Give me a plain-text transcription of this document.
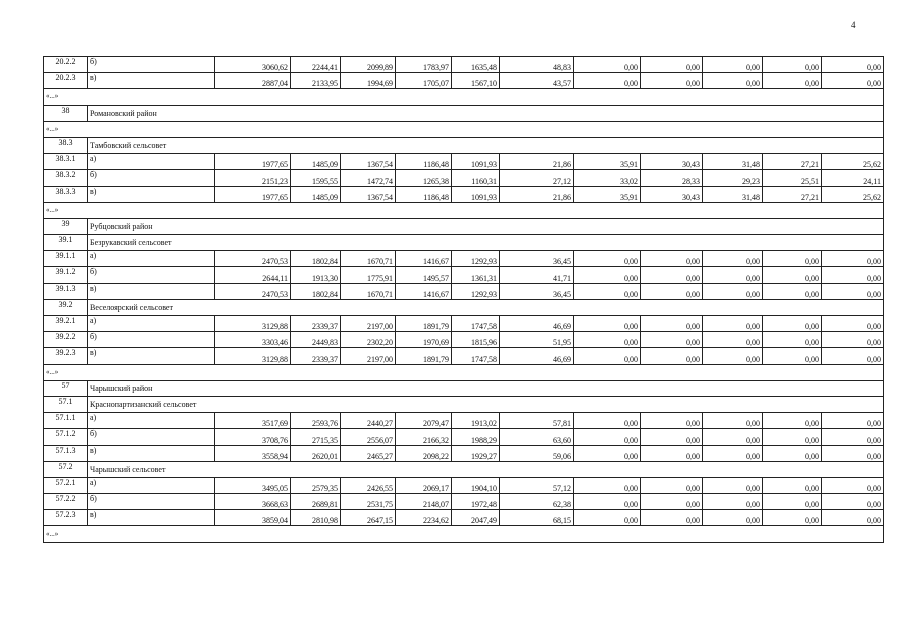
4
20.2.2	б)	3060,62	2244,41	2099,89	1783,97	1635,48	48,83	0,00	0,00	0,00	0,00	0,00
20.2.3	в)	2887,04	2133,95	1994,69	1705,07	1567,10	43,57	0,00	0,00	0,00	0,00	0,00
«...»												
38	Романовский район											
«...»												
38.3	Тамбовский сельсовет											
38.3.1	а)	1977,65	1485,09	1367,54	1186,48	1091,93	21,86	35,91	30,43	31,48	27,21	25,62
38.3.2	б)	2151,23	1595,55	1472,74	1265,38	1160,31	27,12	33,02	28,33	29,23	25,51	24,11
38.3.3	в)	1977,65	1485,09	1367,54	1186,48	1091,93	21,86	35,91	30,43	31,48	27,21	25,62
«...»												
39	Рубцовский район											
39.1	Безрукавский сельсовет											
39.1.1	а)	2470,53	1802,84	1670,71	1416,67	1292,93	36,45	0,00	0,00	0,00	0,00	0,00
39.1.2	б)	2644,11	1913,30	1775,91	1495,57	1361,31	41,71	0,00	0,00	0,00	0,00	0,00
39.1.3	в)	2470,53	1802,84	1670,71	1416,67	1292,93	36,45	0,00	0,00	0,00	0,00	0,00
39.2	Веселоярский сельсовет											
39.2.1	а)	3129,88	2339,37	2197,00	1891,79	1747,58	46,69	0,00	0,00	0,00	0,00	0,00
39.2.2	б)	3303,46	2449,83	2302,20	1970,69	1815,96	51,95	0,00	0,00	0,00	0,00	0,00
39.2.3	в)	3129,88	2339,37	2197,00	1891,79	1747,58	46,69	0,00	0,00	0,00	0,00	0,00
«...»												
57	Чарышский район											
57.1	Краснопартизанский сельсовет											
57.1.1	а)	3517,69	2593,76	2440,27	2079,47	1913,02	57,81	0,00	0,00	0,00	0,00	0,00
57.1.2	б)	3708,76	2715,35	2556,07	2166,32	1988,29	63,60	0,00	0,00	0,00	0,00	0,00
57.1.3	в)	3558,94	2620,01	2465,27	2098,22	1929,27	59,06	0,00	0,00	0,00	0,00	0,00
57.2	Чарышский сельсовет											
57.2.1	а)	3495,05	2579,35	2426,55	2069,17	1904,10	57,12	0,00	0,00	0,00	0,00	0,00
57.2.2	б)	3668,63	2689,81	2531,75	2148,07	1972,48	62,38	0,00	0,00	0,00	0,00	0,00
57.2.3	в)	3859,04	2810,98	2647,15	2234,62	2047,49	68,15	0,00	0,00	0,00	0,00	0,00
«...»												
